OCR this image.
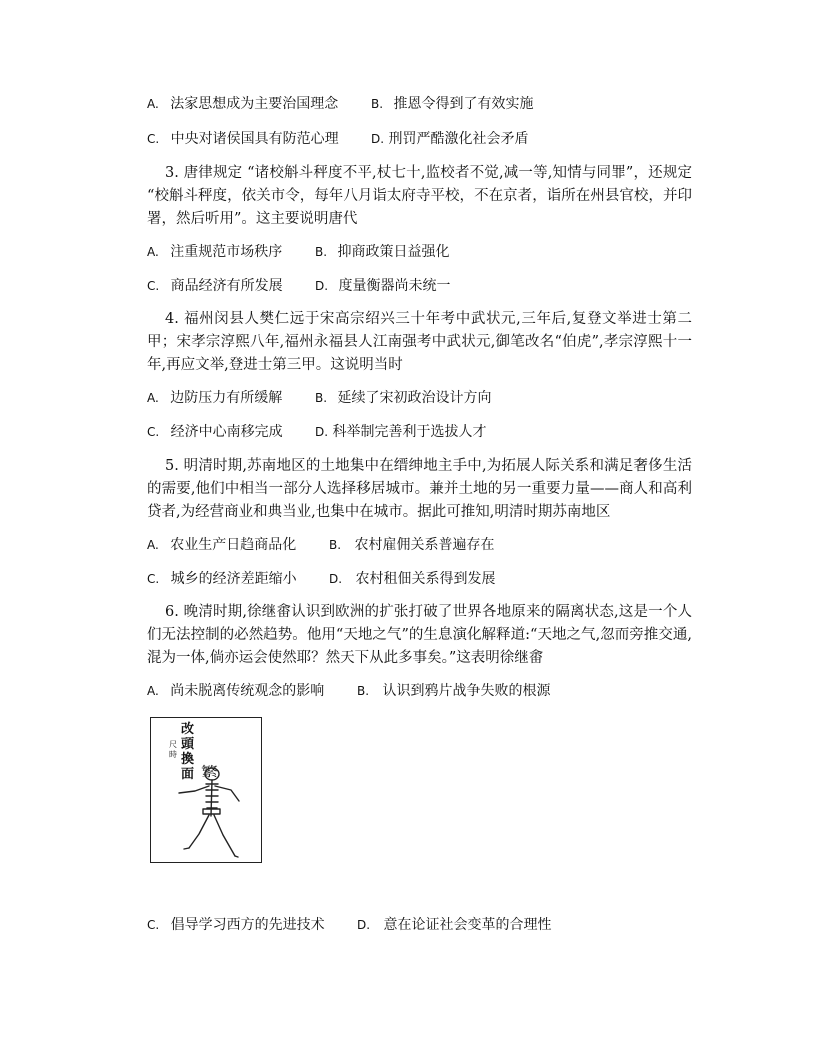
A. 法家思想成为主要治国理念	B. 推恩令得到了有效实施
C. 中央对诸侯国具有防范心理	D. 刑罚严酷激化社会矛盾
3. 唐律规定 “诸校斛斗秤度不平,杖七十,监校者不觉,减一等,知情与同罪”，还规定 “校斛斗秤度，依关市令，每年八月诣太府寺平校，不在京者，诣所在州县官校，并印署，然后听用”。这主要说明唐代
A. 注重规范市场秩序	B. 抑商政策日益强化
C. 商品经济有所发展	D. 度量衡器尚未统一
4. 福州闵县人樊仁远于宋高宗绍兴三十年考中武状元,三年后,复登文举进士第二甲；宋孝宗淳熙八年,福州永福县人江南强考中武状元,御笔改名“伯虎”,孝宗淳熙十一年,再应文举,登进士第三甲。这说明当时
A. 边防压力有所缓解	B. 延续了宋初政治设计方向
C. 经济中心南移完成	D. 科举制完善利于选拔人才
5. 明清时期,苏南地区的土地集中在缙绅地主手中,为拓展人际关系和满足奢侈生活的需要,他们中相当一部分人选择移居城市。兼并土地的另一重要力量——商人和高利贷者,为经营商业和典当业,也集中在城市。据此可推知,明清时期苏南地区
A. 农业生产日趋商品化	B. 农村雇佣关系普遍存在
C. 城乡的经济差距缩小	D. 农村租佃关系得到发展
6. 晚清时期,徐继畬认识到欧洲的扩张打破了世界各地原来的隔离状态,这是一个人们无法控制的必然趋势。他用“天地之气”的生息演化解释道:“天地之气,忽而旁推交通,混为一体,倘亦运会使然耶？然天下从此多事矣。”这表明徐继畬
A. 尚未脱离传统观念的影响	B. 认识到鸦片战争失败的根源
改頭換面
尺時
繁
C. 倡导学习西方的先进技术	D. 意在论证社会变革的合理性
